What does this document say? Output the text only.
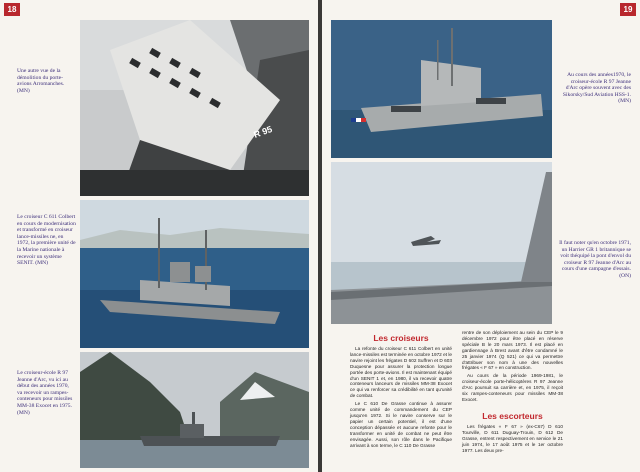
18
Une autre vue de la démolition du porte-avions Arromanches. (MN)
Le croiseur C 611 Colbert en cours de modernisation et transformé en croiseur lance-missiles ne, en 1972, la première unité de la Marine nationale à recevoir un système SENIT. (MN)
Le croiseur-école R 97 Jeanne d'Arc, vu ici au début des années 1970, va recevoir un rampes-conteneurs pour missiles MM-38 Exocet en 1975. (MN)
R 95
19
Au cours des années1970, le croiseur-école R 97 Jeanne d'Arc opère souvent avec des Sikorsky/Sud Aviation HSS-1. (MN)
Il faut noter qu'en octobre 1971, un Harrier GR 1 britannique se voit théquipé la pont d'envol du croiseur R 97 Jeanne d'Arc au cours d'une campagne d'essais. (ON)
Les croiseurs

La refonte du croiseur C 611 Colbert en unité lance-missiles est terminée en octobre 1972 et le navire rejoint les frégates D 602 Suffren et D 603 Duquesne pour assurer la protection longue portée des porte-avions. Il est maintenant équipé d'un SENIT 1 et, en 1980, il va recevoir quatre conteneurs lanceurs de missiles MM-38 Exocet ce qui va renforcer sa crédibilité en tant qu'unité de combat.

Le C 610 De Grasse continue à assurer comme unité de commandement du CEP jusqu'en 1972. Si le navire conserve sur le papier un certain potentiel, il est d'une conception dépassée et aucune refonte pour le transformer en unité de combat ne peut être envisagée. Aussi, son rôle dans le Pacifique arrivant à son terme, le C 110 De Grasse

rentre de son déploiement au sein du CEP le 9 décembre 1972 pour être placé en réserve spéciale B le 20 mars 1973. Il est placé en gardiennage à Brest avant d'être condamné le 25 janvier 1974 (Q 521) ce qui va permettre d'attribuer son nom à une des nouvelles frégates « F 67 » en construction.

Au cours de la période 1969-1981, le croiseur-école porte-hélicoptères R 97 Jeanne d'Arc poursuit sa carrière et, en 1975, il reçoit six rampes-conteneurs pour missiles MM-38 Exocet.

Les escorteurs

Les frégates « F 67 » (ex-C67) D 610 Tourville, D 611 Duguay-Trouin, D 612 De Grasse, entrent respectivement en service le 21 juin 1974, le 17 août 1975 et le 1er octobre 1977. Les deux pre-
